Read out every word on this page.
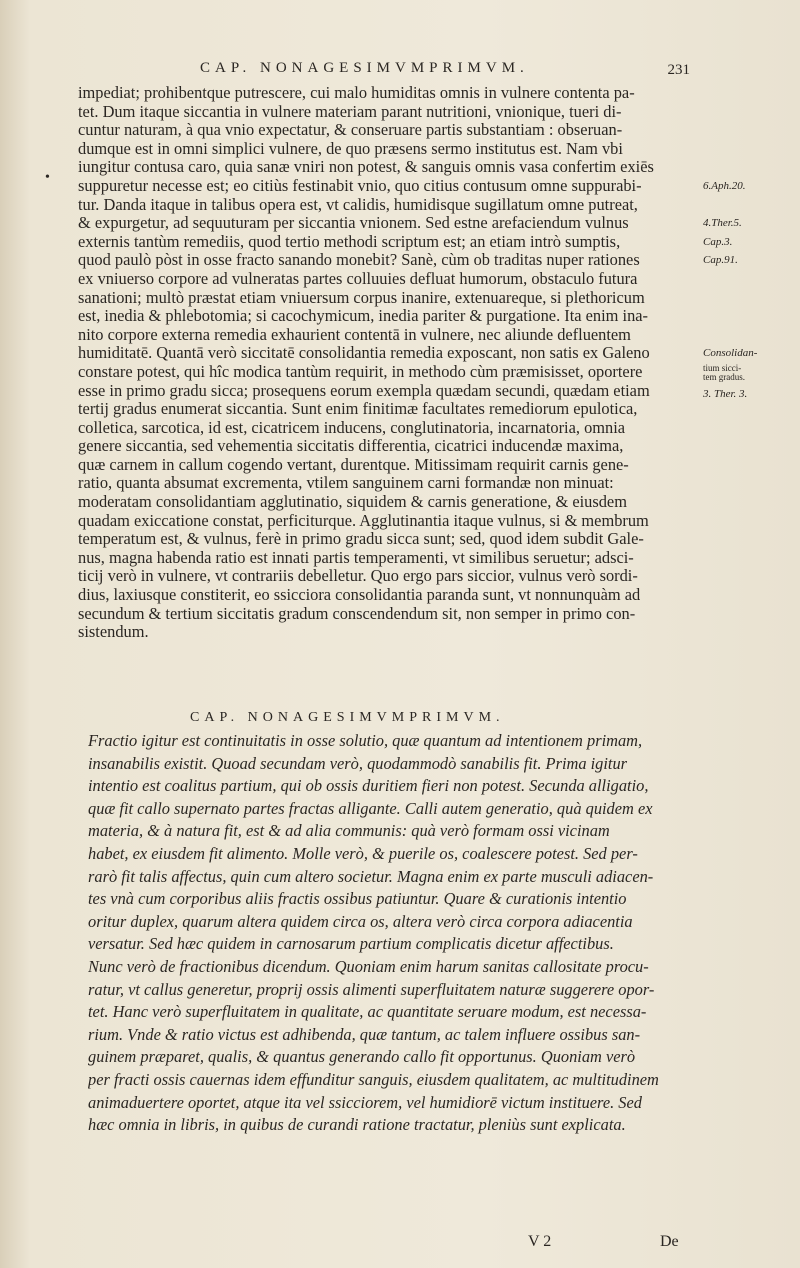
CAP. NONAGESIMVMPRIMVM.	231
•
impediat; prohibentque putrescere, cui malo humiditas omnis in vulnere contenta pa-
tet. Dum itaque siccantia in vulnere materiam parant nutritioni, vnionique, tueri di-
cuntur naturam, à qua vnio expectatur, & conseruare partis substantiam : obseruan-
dumque est in omni simplici vulnere, de quo præsens sermo institutus est. Nam vbi
iungitur contusa caro, quia sanæ vniri non potest, & sanguis omnis vasa confertim exiēs
suppuretur necesse est; eo citiùs festinabit vnio, quo citius contusum omne suppurabi-
tur. Danda itaque in talibus opera est, vt calidis, humidisque sugillatum omne putreat,
& expurgetur, ad sequuturam per siccantia vnionem. Sed estne arefaciendum vulnus
externis tantùm remediis, quod tertio methodi scriptum est; an etiam intrò sumptis,
quod paulò pòst in osse fracto sanando monebit? Sanè, cùm ob traditas nuper rationes
ex vniuerso corpore ad vulneratas partes colluuies defluat humorum, obstaculo futura
sanationi; multò præstat etiam vniuersum corpus inanire, extenuareque, si plethoricum
est, inedia & phlebotomia; si cacochymicum, inedia pariter & purgatione. Ita enim ina-
nito corpore externa remedia exhaurient contentā in vulnere, nec aliunde defluentem
humiditatē. Quantā verò siccitatē consolidantia remedia exposcant, non satis ex Galeno
constare potest, qui hîc modica tantùm requirit, in methodo cùm præmisisset, oportere
esse in primo gradu sicca; prosequens eorum exempla quædam secundi, quædam etiam
tertij gradus enumerat siccantia. Sunt enim finitimæ facultates remediorum epulotica,
colletica, sarcotica, id est, cicatricem inducens, conglutinatoria, incarnatoria, omnia
genere siccantia, sed vehementia siccitatis differentia, cicatrici inducendæ maxima,
quæ carnem in callum cogendo vertant, durentque. Mitissimam requirit carnis gene-
ratio, quanta absumat excrementa, vtilem sanguinem carni formandæ non minuat:
moderatam consolidantiam agglutinatio, siquidem & carnis generatione, & eiusdem
quadam exiccatione constat, perficiturque. Agglutinantia itaque vulnus, si & membrum
temperatum est, & vulnus, ferè in primo gradu sicca sunt; sed, quod idem subdit Gale-
nus, magna habenda ratio est innati partis temperamenti, vt similibus seruetur; adsci-
ticij verò in vulnere, vt contrariis debelletur. Quo ergo pars siccior, vulnus verò sordi-
dius, laxiusque constiterit, eo ssicciora consolidantia paranda sunt, vt nonnunquàm ad
secundum & tertium siccitatis gradum conscendendum sit, non semper in primo con-
sistendum.
6.Aph.20.
4.Ther.5.
Cap.3.
Cap.91.
Consolidan-
tium sicci-
tem gradus.
3. Ther. 3.
CAP. NONAGESIMVMPRIMVM.
Fractio igitur est continuitatis in osse solutio, quæ quantum ad intentionem primam,
insanabilis existit. Quoad secundam verò, quodammodò sanabilis fit. Prima igitur
intentio est coalitus partium, qui ob ossis duritiem fieri non potest. Secunda alligatio,
quæ fit callo supernato partes fractas alligante. Calli autem generatio, quà quidem ex
materia, & à natura fit, est & ad alia communis: quà verò formam ossi vicinam
habet, ex eiusdem fit alimento. Molle verò, & puerile os, coalescere potest. Sed per-
rarò fit talis affectus, quin cum altero societur. Magna enim ex parte musculi adiacen-
tes vnà cum corporibus aliis fractis ossibus patiuntur. Quare & curationis intentio
oritur duplex, quarum altera quidem circa os, altera verò circa corpora adiacentia
versatur. Sed hæc quidem in carnosarum partium complicatis dicetur affectibus.
Nunc verò de fractionibus dicendum. Quoniam enim harum sanitas callositate procu-
ratur, vt callus generetur, proprij ossis alimenti superfluitatem naturæ suggerere opor-
tet. Hanc verò superfluitatem in qualitate, ac quantitate seruare modum, est necessa-
rium. Vnde & ratio victus est adhibenda, quæ tantum, ac talem influere ossibus san-
guinem præparet, qualis, & quantus generando callo fit opportunus. Quoniam verò
per fracti ossis cauernas idem effunditur sanguis, eiusdem qualitatem, ac multitudinem
animaduertere oportet, atque ita vel ssicciorem, vel humidiorē victum instituere. Sed
hæc omnia in libris, in quibus de curandi ratione tractatur, pleniùs sunt explicata.
V 2	De
